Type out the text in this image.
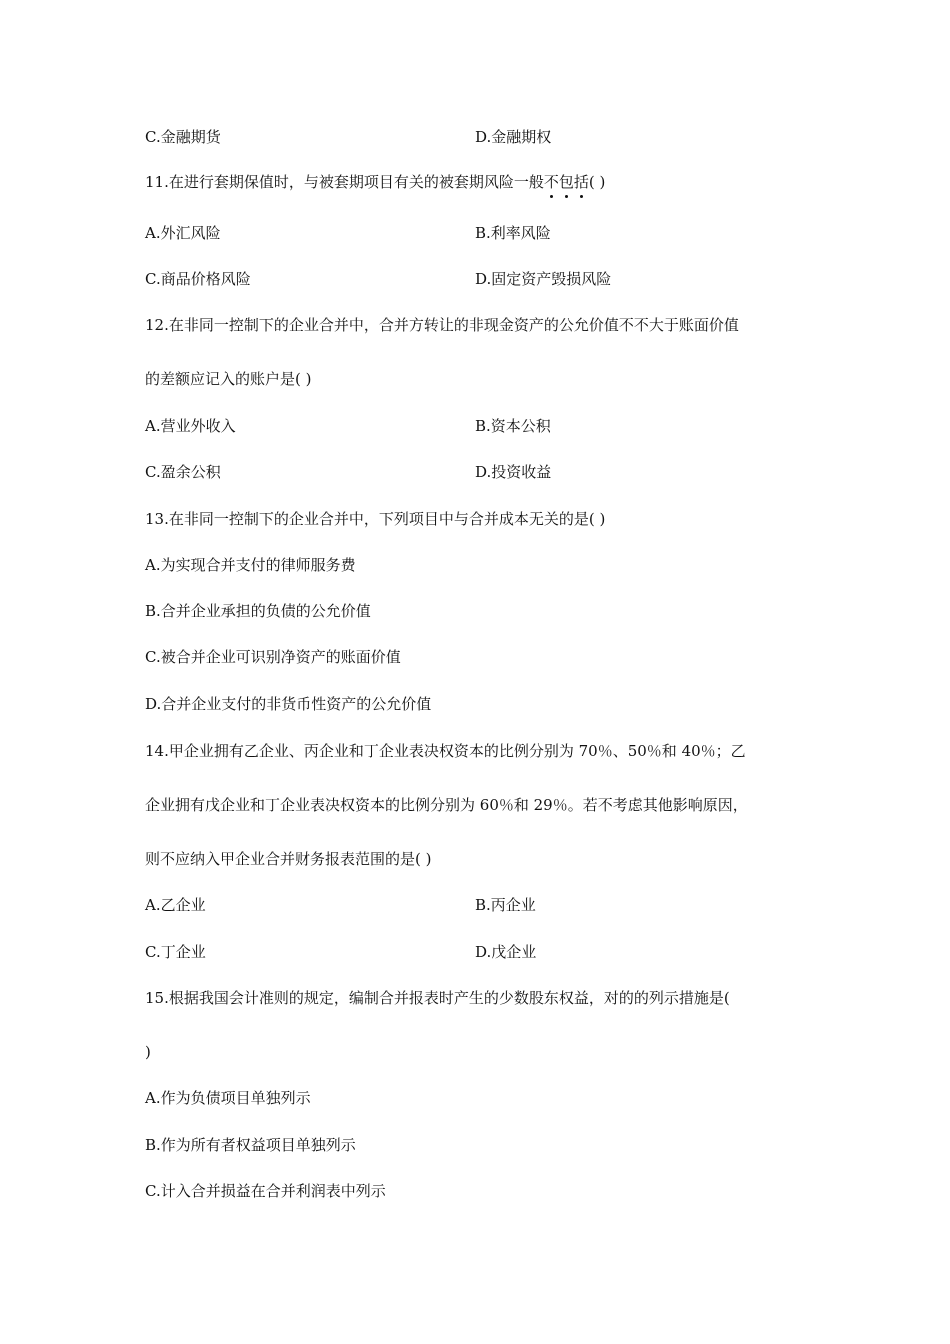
C.金融期货	D.金融期权
11.在进行套期保值时，与被套期项目有关的被套期风险一般不包括( )
A.外汇风险	B.利率风险
C.商品价格风险	D.固定资产毁损风险
12.在非同一控制下的企业合并中，合并方转让的非现金资产的公允价值不不大于账面价值
的差额应记入的账户是( )
A.营业外收入	B.资本公积
C.盈余公积	D.投资收益
13.在非同一控制下的企业合并中，下列项目中与合并成本无关的是( )
A.为实现合并支付的律师服务费
B.合并企业承担的负债的公允价值
C.被合并企业可识别净资产的账面价值
D.合并企业支付的非货币性资产的公允价值
14.甲企业拥有乙企业、丙企业和丁企业表决权资本的比例分别为 70％、50％和 40％；乙
企业拥有戊企业和丁企业表决权资本的比例分别为 60％和 29％。若不考虑其他影响原因，
则不应纳入甲企业合并财务报表范围的是( )
A.乙企业	B.丙企业
C.丁企业	D.戊企业
15.根据我国会计准则的规定，编制合并报表时产生的少数股东权益，对的的列示措施是(
)
A.作为负债项目单独列示
B.作为所有者权益项目单独列示
C.计入合并损益在合并利润表中列示
